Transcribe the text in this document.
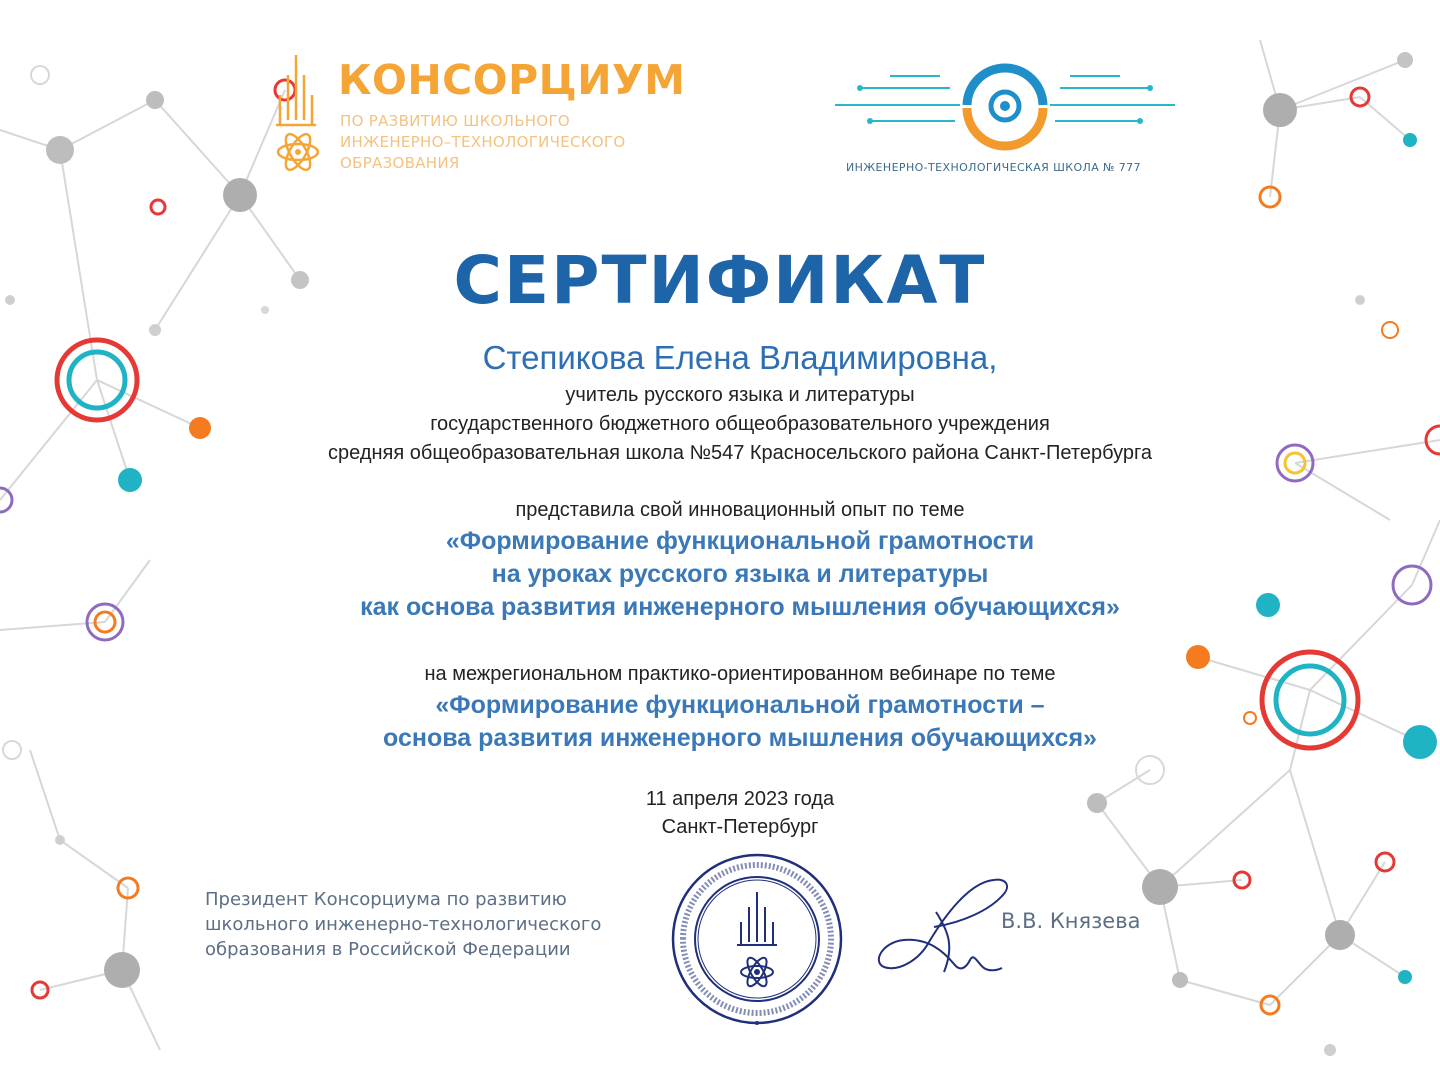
КОНСОРЦИУМ
ПО РАЗВИТИЮ ШКОЛЬНОГО
ИНЖЕНЕРНО–ТЕХНОЛОГИЧЕСКОГО
ОБРАЗОВАНИЯ	ИНЖЕНЕРНО-ТЕХНОЛОГИЧЕСКАЯ ШКОЛА № 777
СЕРТИФИКАТ
Степикова Елена Владимировна,
учитель русского языка и литературы
государственного бюджетного общеобразовательного учреждения
средняя общеобразовательная школа №547 Красносельского района Санкт-Петербурга
представила свой инновационный опыт по теме
«Формирование функциональной грамотности
на уроках русского языка и литературы
как основа развития инженерного мышления обучающихся»
на межрегиональном практико-ориентированном вебинаре по теме
«Формирование функциональной грамотности –
основа развития инженерного мышления обучающихся»
11 апреля 2023 года
Санкт-Петербург
Президент Консорциума по развитию
школьного инженерно-технологического
образования в Российской Федерации
В.В. Князева
